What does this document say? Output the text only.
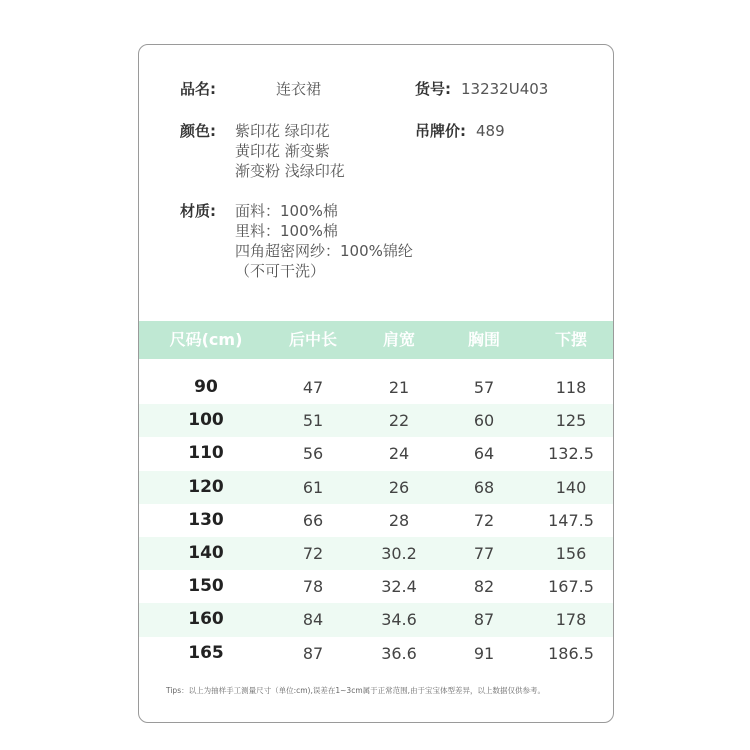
品名:	连衣裙	货号: 13232U403
颜色: 紫印花 绿印花
黄印花 渐变紫
渐变粉 浅绿印花
吊牌价: 489
材质: 面料：100%棉
里料：100%棉
四角超密网纱：100%锦纶
（不可干洗）
尺码(cm)	后中长	肩宽	胸围	下摆
90	47	21	57	118
100	51	22	60	125
110	56	24	64	132.5
120	61	26	68	140
130	66	28	72	147.5
140	72	30.2	77	156
150	78	32.4	82	167.5
160	84	34.6	87	178
165	87	36.6	91	186.5
Tips：以上为抽样手工测量尺寸（单位:cm),误差在1~3cm属于正常范围,由于宝宝体型差异，以上数据仅供参考。
